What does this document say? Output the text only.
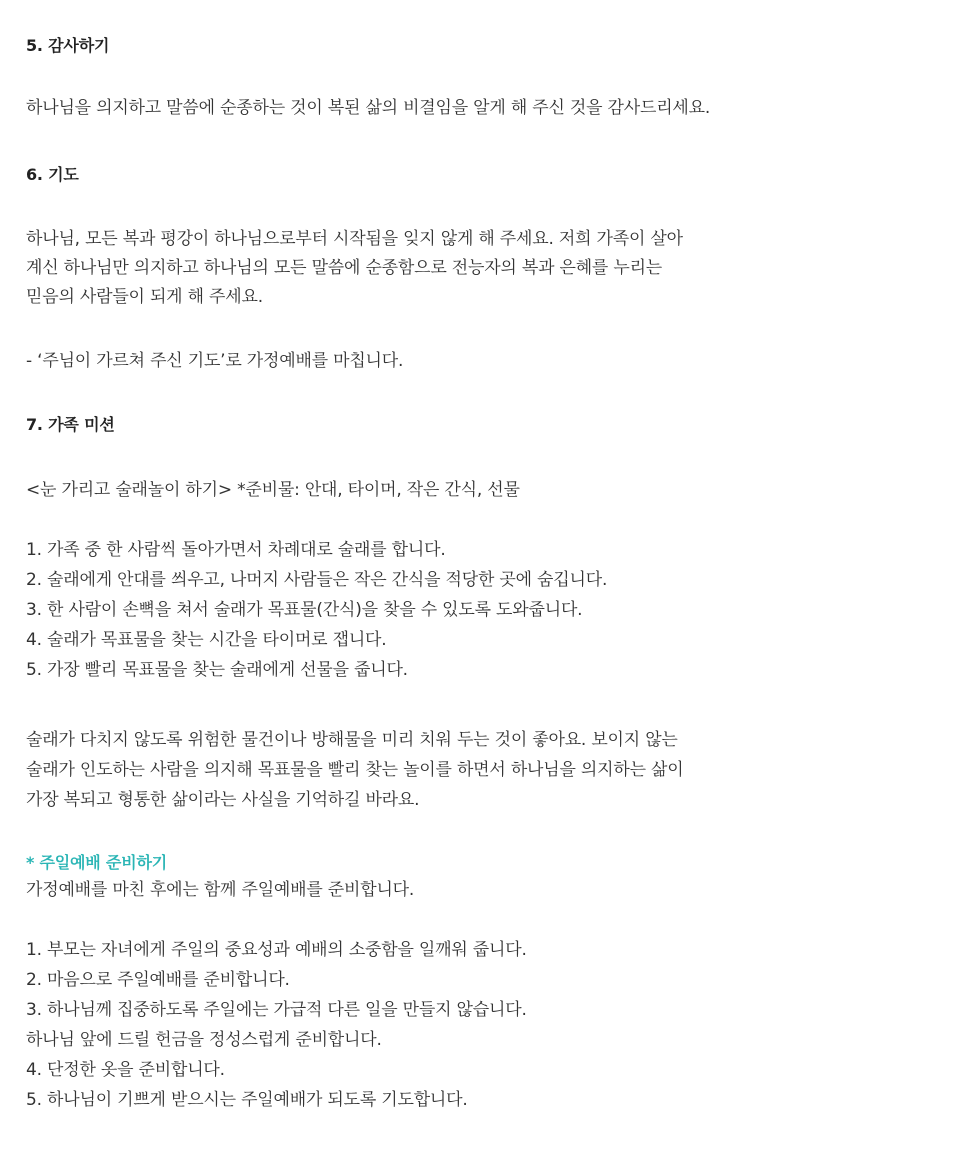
5. 감사하기
하나님을 의지하고 말씀에 순종하는 것이 복된 삶의 비결임을 알게 해 주신 것을 감사드리세요.
6. 기도
하나님, 모든 복과 평강이 하나님으로부터 시작됨을 잊지 않게 해 주세요. 저희 가족이 살아
계신 하나님만 의지하고 하나님의 모든 말씀에 순종함으로 전능자의 복과 은혜를 누리는
믿음의 사람들이 되게 해 주세요.
- ‘주님이 가르쳐 주신 기도’로 가정예배를 마칩니다.
7. 가족 미션
<눈 가리고 술래놀이 하기> *준비물: 안대, 타이머, 작은 간식, 선물
1. 가족 중 한 사람씩 돌아가면서 차례대로 술래를 합니다.
2. 술래에게 안대를 씌우고, 나머지 사람들은 작은 간식을 적당한 곳에 숨깁니다.
3. 한 사람이 손뼉을 쳐서 술래가 목표물(간식)을 찾을 수 있도록 도와줍니다.
4. 술래가 목표물을 찾는 시간을 타이머로 잽니다.
5. 가장 빨리 목표물을 찾는 술래에게 선물을 줍니다.
술래가 다치지 않도록 위험한 물건이나 방해물을 미리 치워 두는 것이 좋아요. 보이지 않는
술래가 인도하는 사람을 의지해 목표물을 빨리 찾는 놀이를 하면서 하나님을 의지하는 삶이
가장 복되고 형통한 삶이라는 사실을 기억하길 바라요.
* 주일예배 준비하기
가정예배를 마친 후에는 함께 주일예배를 준비합니다.
1. 부모는 자녀에게 주일의 중요성과 예배의 소중함을 일깨워 줍니다.
2. 마음으로 주일예배를 준비합니다.
3. 하나님께 집중하도록 주일에는 가급적 다른 일을 만들지 않습니다.
하나님 앞에 드릴 헌금을 정성스럽게 준비합니다.
4. 단정한 옷을 준비합니다.
5. 하나님이 기쁘게 받으시는 주일예배가 되도록 기도합니다.
